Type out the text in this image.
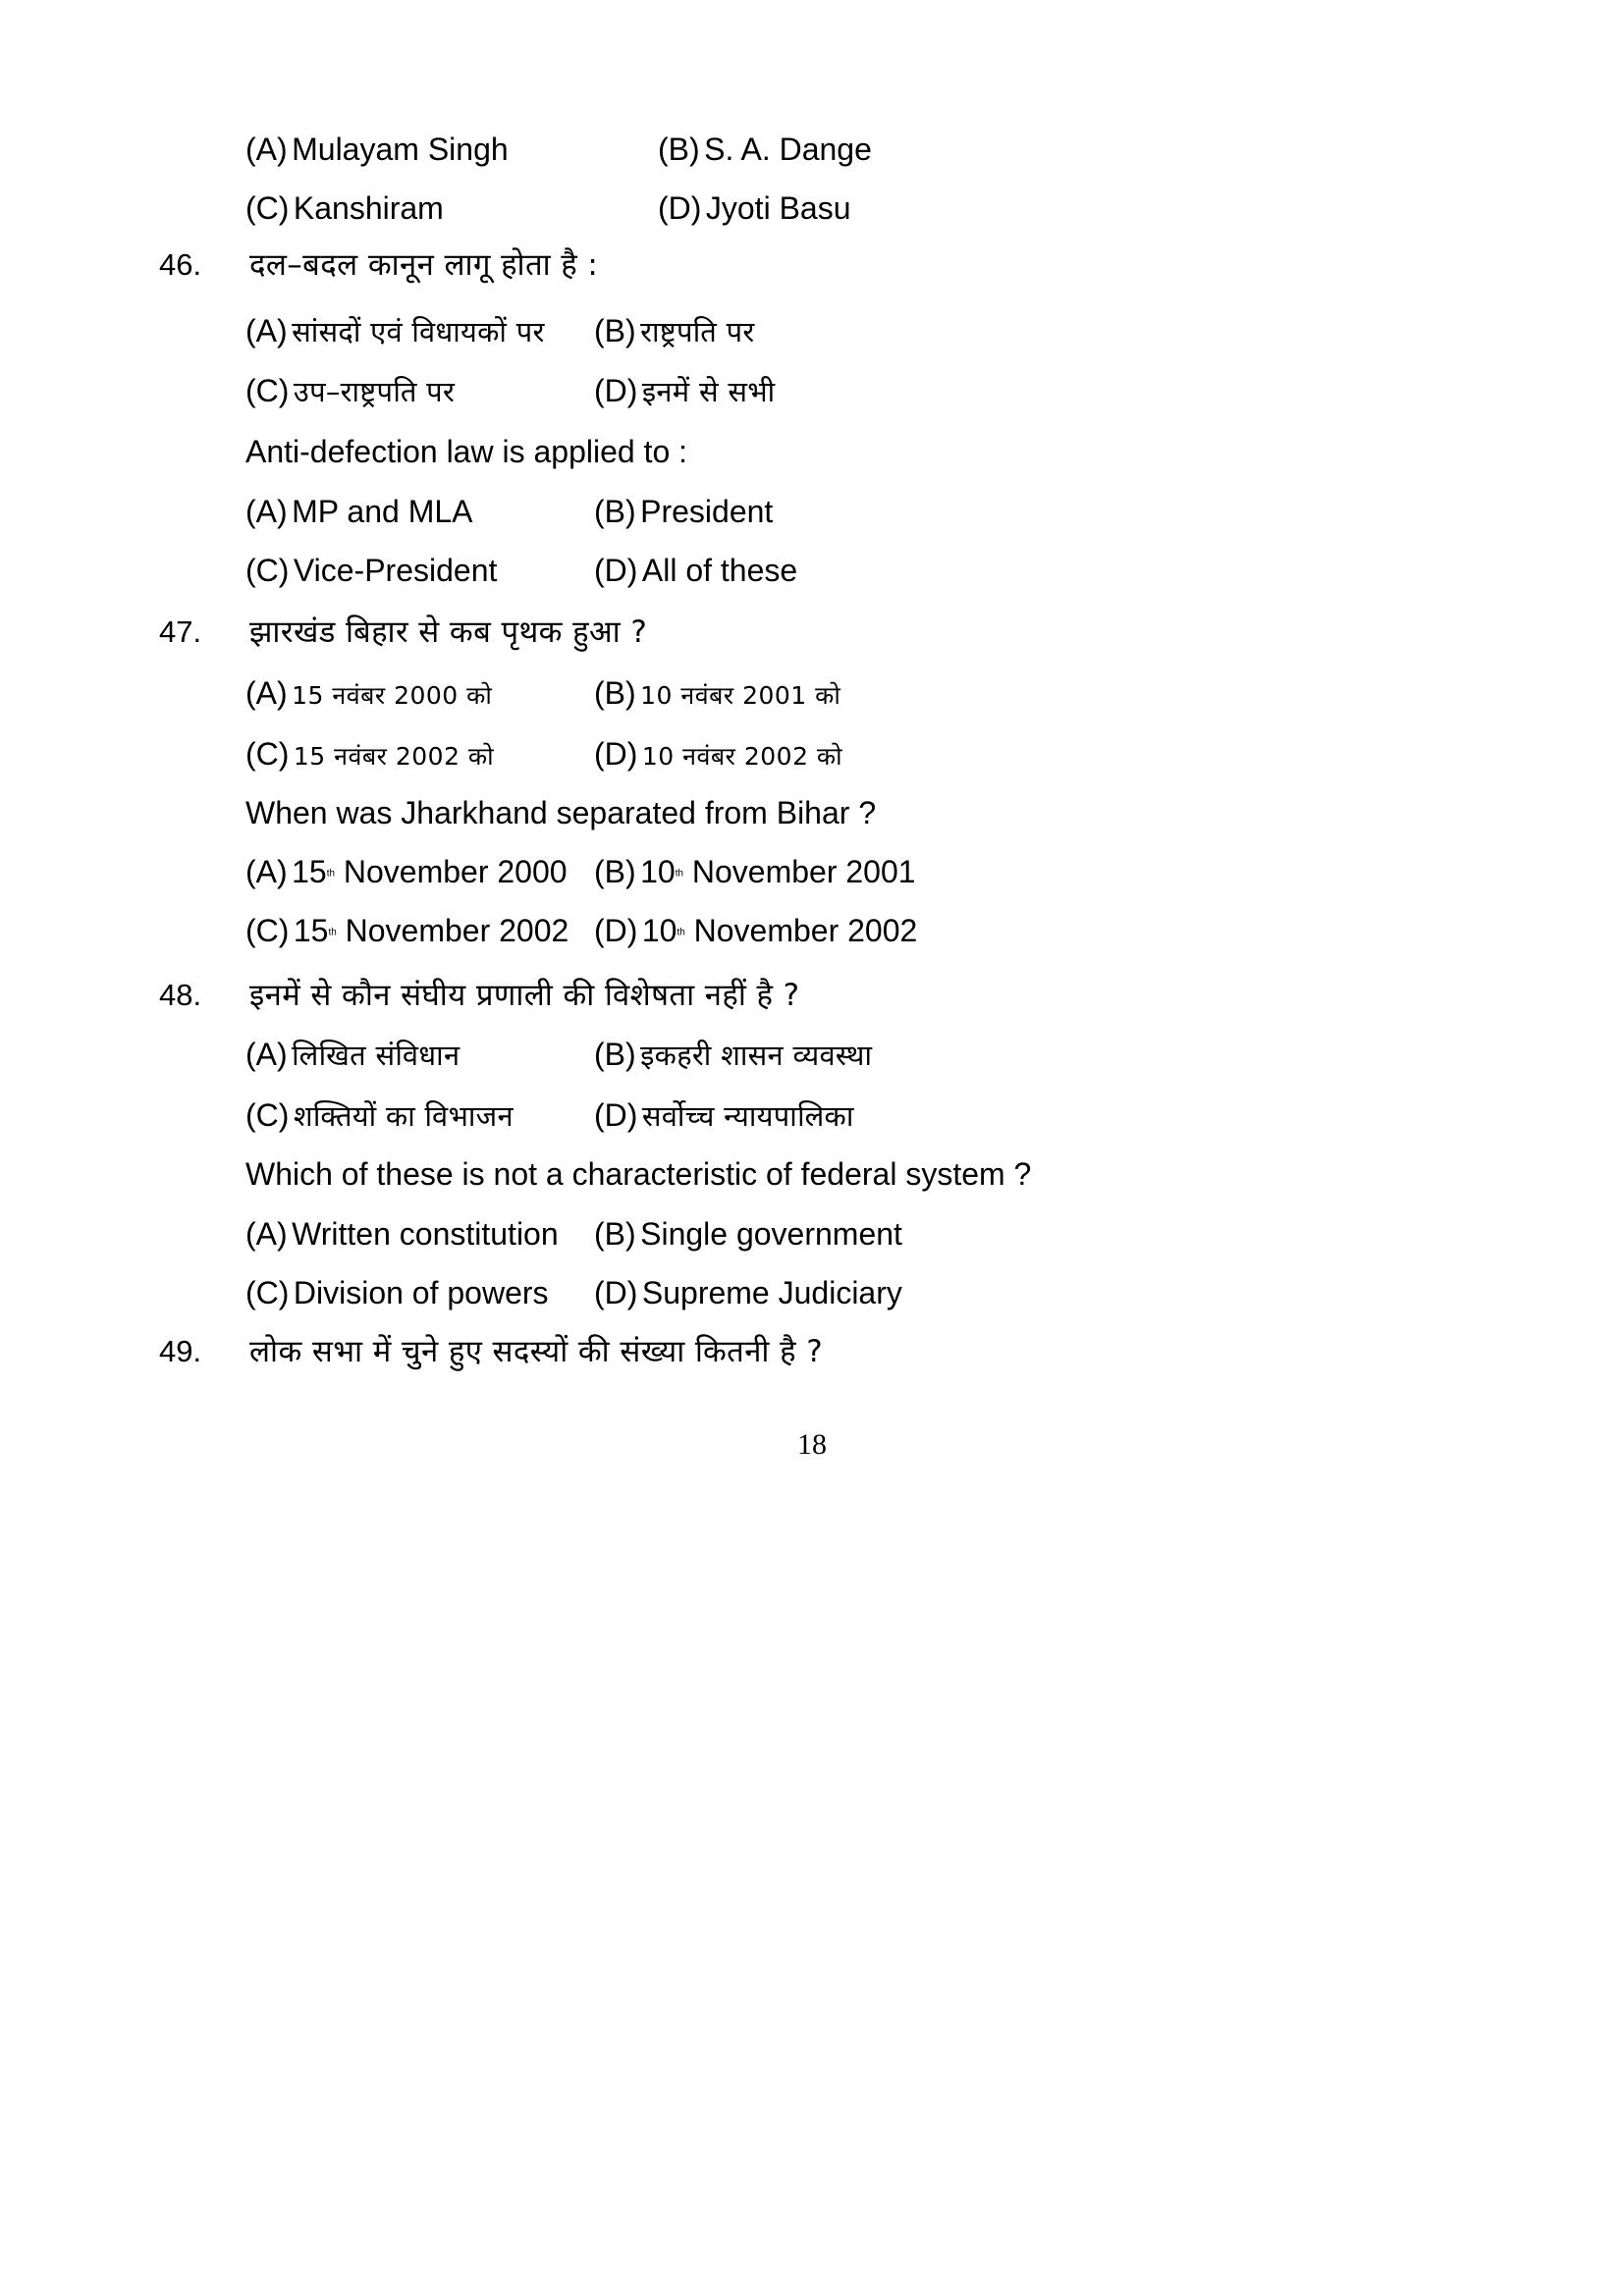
(A) Mulayam Singh	(B) S. A. Dange
(C) Kanshiram	(D) Jyoti Basu
46.	दल–बदल कानून लागू होता है :
(A) सांसदों एवं विधायकों पर (B) राष्ट्रपति पर
(C) उप–राष्ट्रपति पर	(D) इनमें से सभी
Anti-defection law is applied to :
(A) MP and MLA	(B) President
(C) Vice-President	(D) All of these
47.	झारखंड बिहार से कब पृथक हुआ ?
(A) 15 नवंबर 2000 को	(B) 10 नवंबर 2001 को
(C) 15 नवंबर 2002 को	(D) 10 नवंबर 2002 को
When was Jharkhand separated from Bihar ?
(A) 15th November 2000 (B) 10th November 2001
(C) 15th November 2002 (D) 10th November 2002
48.	इनमें से कौन संघीय प्रणाली की विशेषता नहीं है ?
(A) लिखित संविधान	(B) इकहरी शासन व्यवस्था
(C) शक्तियों का विभाजन	(D) सर्वोच्च न्यायपालिका
Which of these is not a characteristic of federal system ?
(A) Written constitution (B) Single government
(C) Division of powers (D) Supreme Judiciary
49.	लोक सभा में चुने हुए सदस्यों की संख्या कितनी है ?
18
